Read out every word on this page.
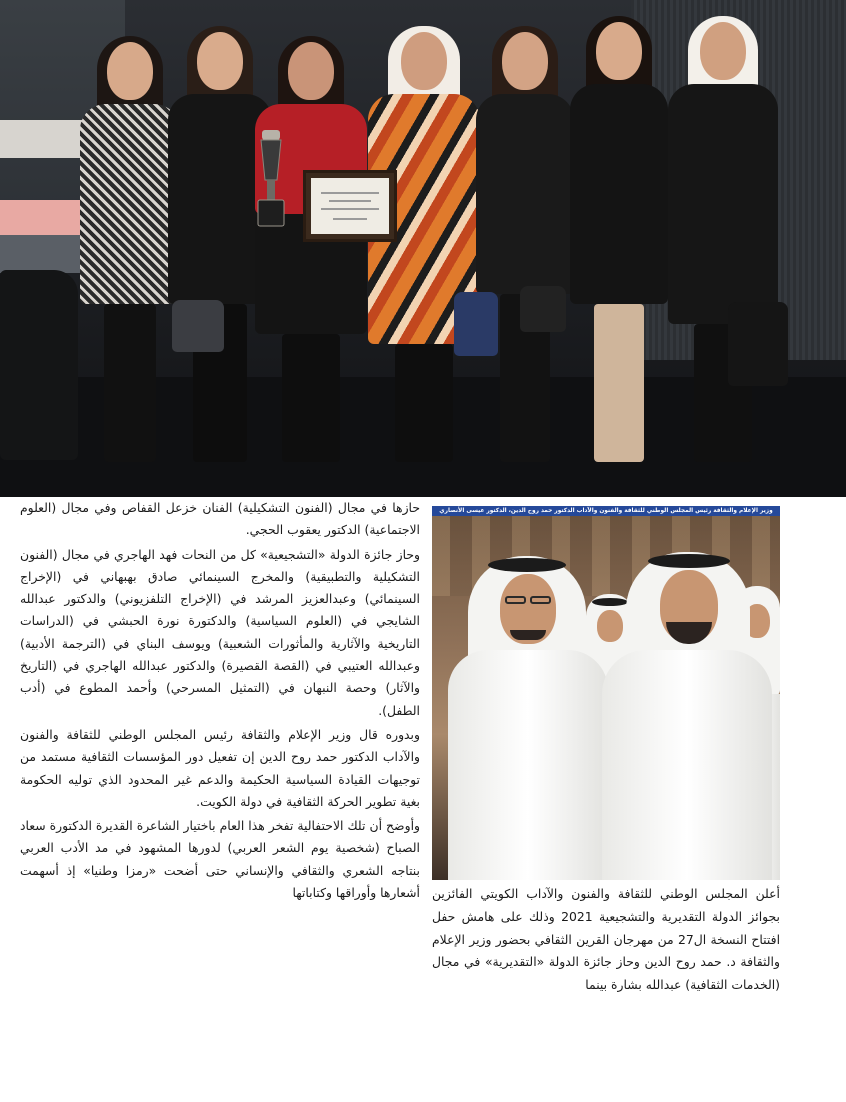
وزير الإعلام والثقافة رئيس المجلس الوطني للثقافة والفنون والآداب الدكتور حمد روح الدين، الدكتور عيسى الأنصاري

حازها في مجال (الفنون التشكيلية) الفنان خزعل القفاص وفي مجال (العلوم الاجتماعية) الدكتور يعقوب الحجي.

وحاز جائزة الدولة «التشجيعية» كل من النحات فهد الهاجري في مجال (الفنون التشكيلية والتطبيقية) والمخرج السينمائي صادق بهبهاني في (الإخراج السينمائي) وعبدالعزيز المرشد في (الإخراج التلفزيوني) والدكتور عبدالله الشايجي في (العلوم السياسية) والدكتورة نورة الحبشي في (الدراسات التاريخية والآثارية والمأثورات الشعبية) ويوسف البناي في (الترجمة الأدبية) وعبدالله العتيبي في (القصة القصيرة) والدكتور عبدالله الهاجري في (التاريخ والآثار) وحصة النبهان في (التمثيل المسرحي) وأحمد المطوع في (أدب الطفل).

وبدوره قال وزير الإعلام والثقافة رئيس المجلس الوطني للثقافة والفنون والآداب الدكتور حمد روح الدين إن تفعيل دور المؤسسات الثقافية مستمد من توجيهات القيادة السياسية الحكيمة والدعم غير المحدود الذي توليه الحكومة بغية تطوير الحركة الثقافية في دولة الكويت.

وأوضح أن تلك الاحتفالية تفخر هذا العام باختيار الشاعرة القديرة الدكتورة سعاد الصباح (شخصية يوم الشعر العربي) لدورها المشهود في مد الأدب العربي بنتاجه الشعري والثقافي والإنساني حتى أضحت «رمزا وطنيا» إذ أسهمت أشعارها وأوراقها وكتاباتها أعلن المجلس الوطني للثقافة والفنون والآداب الكويتي الفائزين بجوائز الدولة التقديرية والتشجيعية 2021 وذلك على هامش حفل افتتاح النسخة ال27 من مهرجان القرين الثقافي بحضور وزير الإعلام والثقافة د. حمد روح الدين وحاز جائزة الدولة «التقديرية» في مجال (الخدمات الثقافية) عبدالله بشارة بينما
